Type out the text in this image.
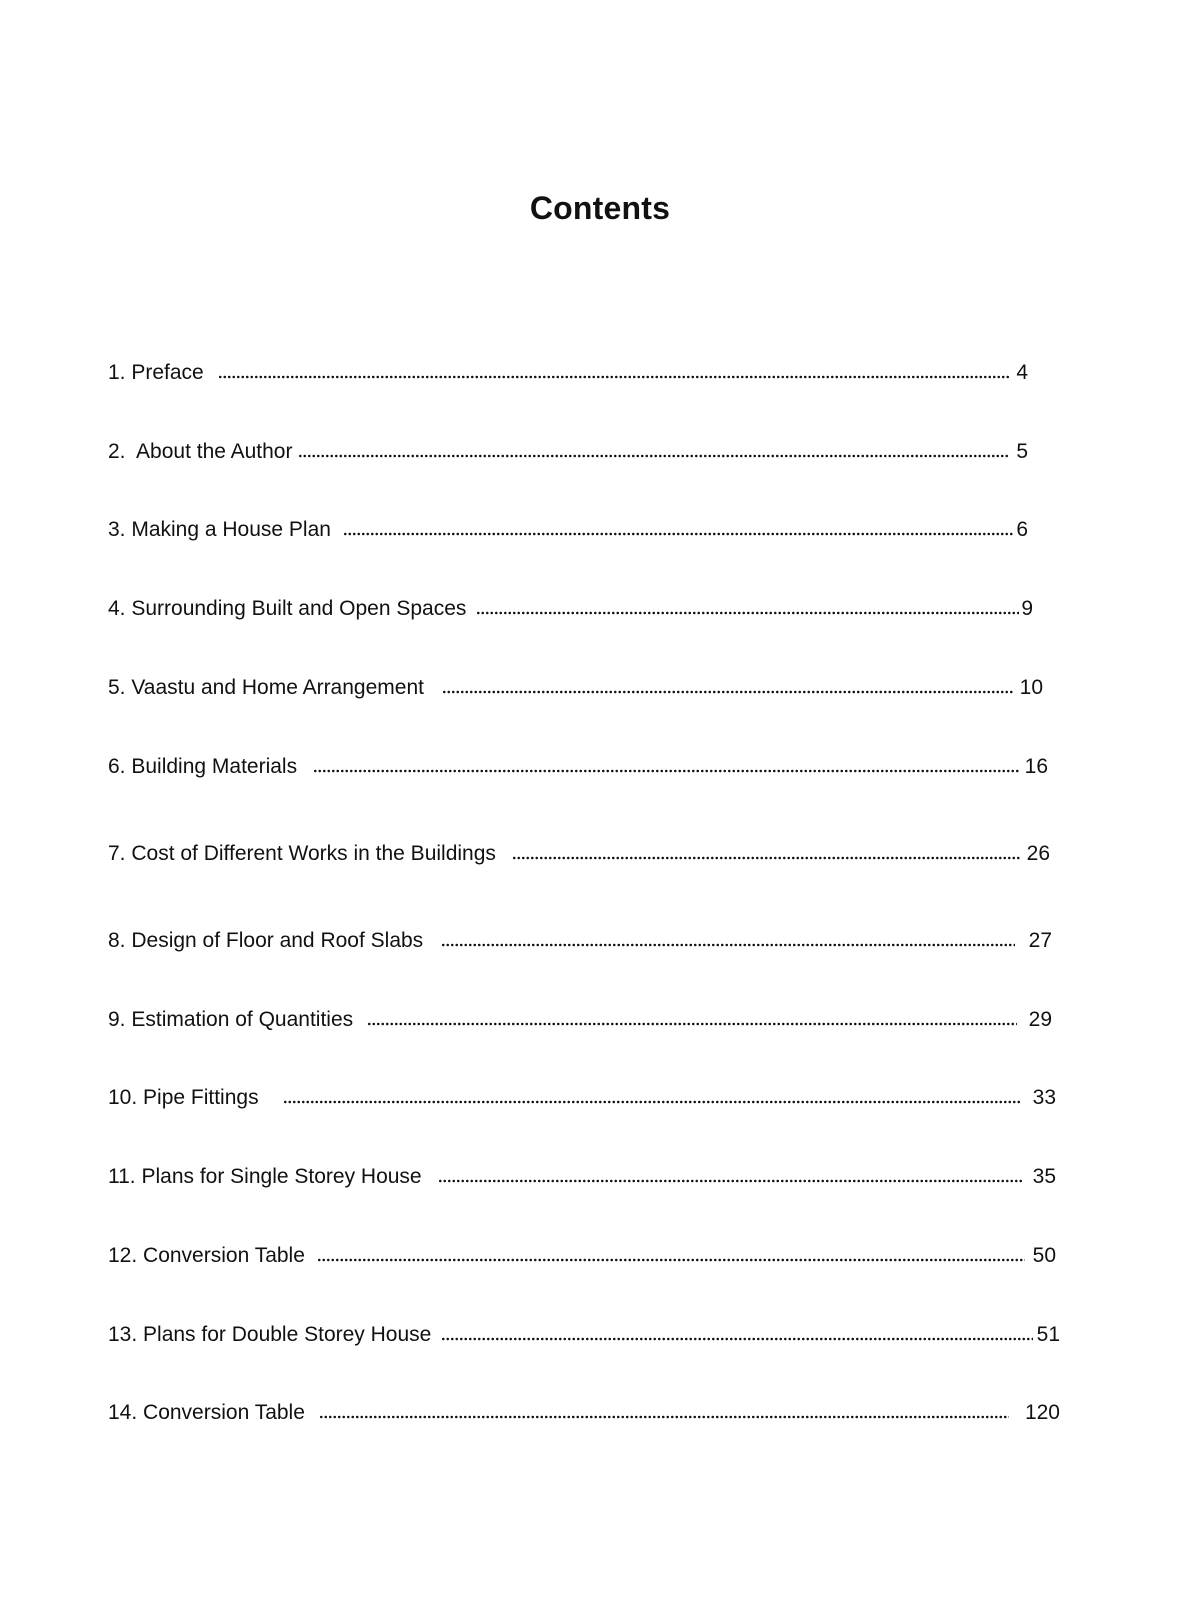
Contents
1. Preface	4
2.  About the Author	5
3. Making a House Plan	6
4. Surrounding Built and Open Spaces	9
5. Vaastu and Home Arrangement	10
6. Building Materials	16
7. Cost of Different Works in the Buildings	26
8. Design of Floor and Roof Slabs	27
9. Estimation of Quantities	29
10. Pipe Fittings	33
11. Plans for Single Storey House	35
12. Conversion Table	50
13. Plans for Double Storey House	51
14. Conversion Table	120
